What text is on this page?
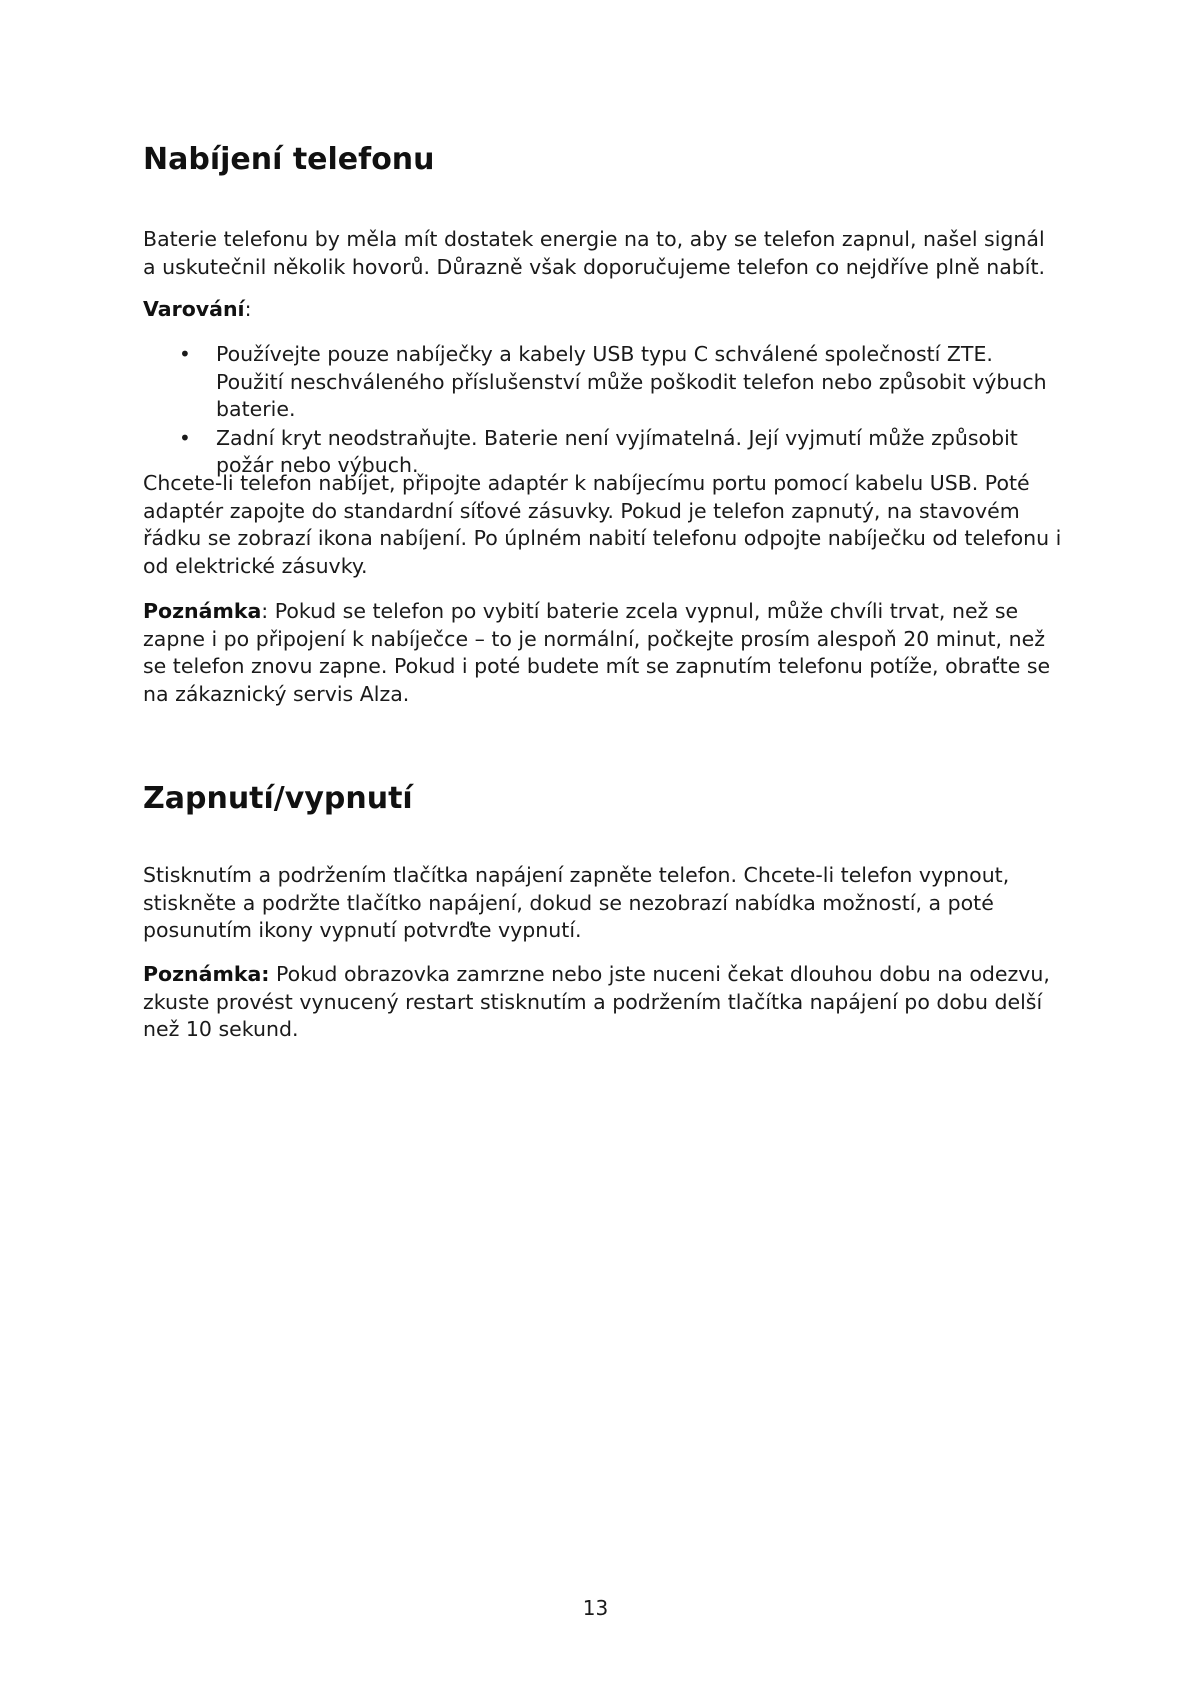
Nabíjení telefonu

Baterie telefonu by měla mít dostatek energie na to, aby se telefon zapnul, našel signál a uskutečnil několik hovorů. Důrazně však doporučujeme telefon co nejdříve plně nabít.

Varování:

• Používejte pouze nabíječky a kabely USB typu C schválené společností ZTE. Použití neschváleného příslušenství může poškodit telefon nebo způsobit výbuch baterie.
• Zadní kryt neodstraňujte. Baterie není vyjímatelná. Její vyjmutí může způsobit požár nebo výbuch.

Chcete-li telefon nabíjet, připojte adaptér k nabíjecímu portu pomocí kabelu USB. Poté adaptér zapojte do standardní síťové zásuvky. Pokud je telefon zapnutý, na stavovém řádku se zobrazí ikona nabíjení. Po úplném nabití telefonu odpojte nabíječku od telefonu i od elektrické zásuvky.

Poznámka: Pokud se telefon po vybití baterie zcela vypnul, může chvíli trvat, než se zapne i po připojení k nabíječce – to je normální, počkejte prosím alespoň 20 minut, než se telefon znovu zapne. Pokud i poté budete mít se zapnutím telefonu potíže, obraťte se na zákaznický servis Alza.

Zapnutí/vypnutí

Stisknutím a podržením tlačítka napájení zapněte telefon. Chcete-li telefon vypnout, stiskněte a podržte tlačítko napájení, dokud se nezobrazí nabídka možností, a poté posunutím ikony vypnutí potvrďte vypnutí.

Poznámka: Pokud obrazovka zamrzne nebo jste nuceni čekat dlouhou dobu na odezvu, zkuste provést vynucený restart stisknutím a podržením tlačítka napájení po dobu delší než 10 sekund.

13
